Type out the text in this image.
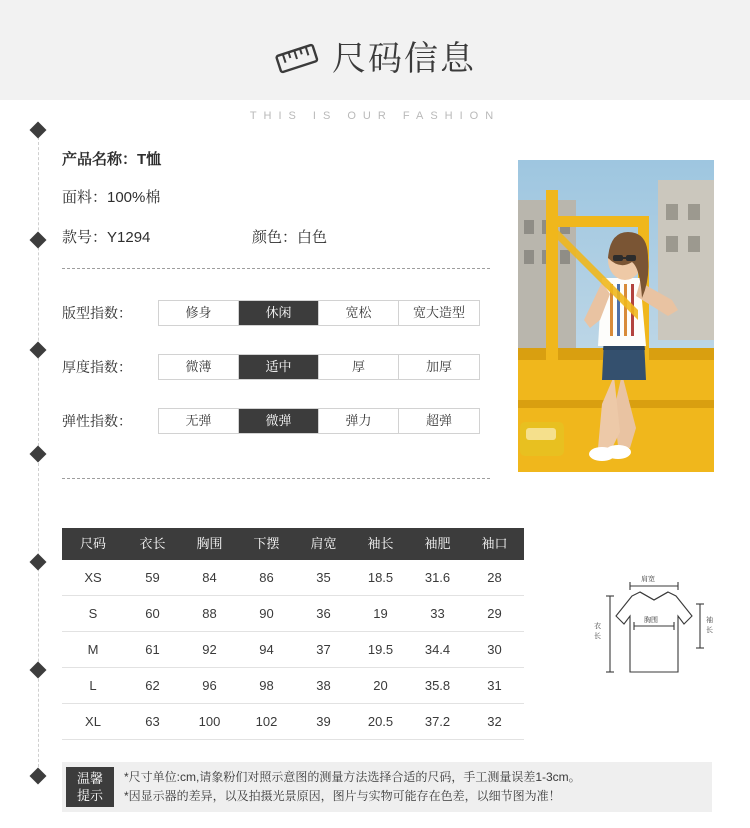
尺码信息
THIS IS OUR FASHION
产品名称：T恤
面料：100%棉
款号：Y1294	颜色：白色
版型指数：	修身	休闲	宽松	宽大造型
厚度指数：	微薄	适中	厚	加厚
弹性指数：	无弹	微弹	弹力	超弹
尺码	衣长	胸围	下摆	肩宽	袖长	袖肥	袖口
XS	59	84	86	35	18.5	31.6	28
S	60	88	90	36	19	33	29
M	61	92	94	37	19.5	34.4	30
L	62	96	98	38	20	35.8	31
XL	63	100	102	39	20.5	37.2	32
肩宽
胸围
衣
长
袖
长
温馨
提示
*尺寸单位:cm,请象粉们对照示意图的测量方法选择合适的尺码，手工测量误差1-3cm。
*因显示器的差异，以及拍摄光景原因，图片与实物可能存在色差，以细节图为准！
